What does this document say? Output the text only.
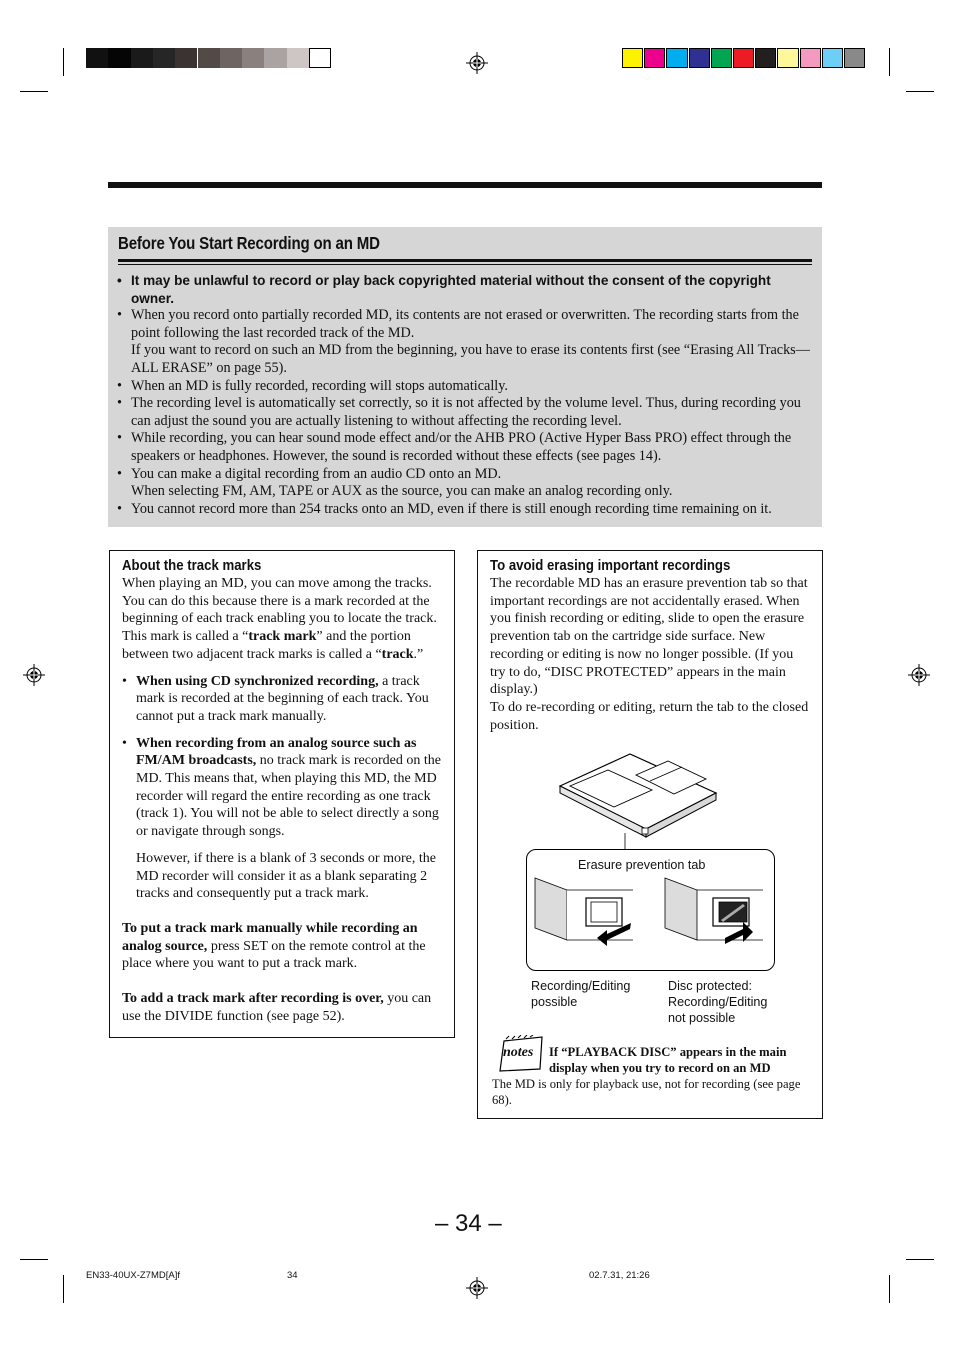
Before You Start Recording on an MD
• It may be unlawful to record or play back copyrighted material without the consent of the copyright owner.
• When you record onto partially recorded MD, its contents are not erased or overwritten. The recording starts from the point following the last recorded track of the MD.
If you want to record on such an MD from the beginning, you have to erase its contents first (see “Erasing All Tracks—ALL ERASE” on page 55).
• When an MD is fully recorded, recording will stops automatically.
• The recording level is automatically set correctly, so it is not affected by the volume level. Thus, during recording you can adjust the sound you are actually listening to without affecting the recording level.
• While recording, you can hear sound mode effect and/or the AHB PRO (Active Hyper Bass PRO) effect through the speakers or headphones. However, the sound is recorded without these effects (see pages 14).
• You can make a digital recording from an audio CD onto an MD.
When selecting FM, AM, TAPE or AUX as the source, you can make an analog recording only.
• You cannot record more than 254 tracks onto an MD, even if there is still enough recording time remaining on it.
About the track marks
When playing an MD, you can move among the tracks. You can do this because there is a mark recorded at the beginning of each track enabling you to locate the track. This mark is called a “track mark” and the portion between two adjacent track marks is called a “track.”
• When using CD synchronized recording, a track mark is recorded at the beginning of each track. You cannot put a track mark manually.
• When recording from an analog source such as FM/AM broadcasts, no track mark is recorded on the MD. This means that, when playing this MD, the MD recorder will regard the entire recording as one track (track 1). You will not be able to select directly a song or navigate through songs.
However, if there is a blank of 3 seconds or more, the MD recorder will consider it as a blank separating 2 tracks and consequently put a track mark.
To put a track mark manually while recording an analog source, press SET on the remote control at the place where you want to put a track mark.
To add a track mark after recording is over, you can use the DIVIDE function (see page 52).
To avoid erasing important recordings
The recordable MD has an erasure prevention tab so that important recordings are not accidentally erased. When you finish recording or editing, slide to open the erasure prevention tab on the cartridge side surface. New recording or editing is now no longer possible. (If you try to do, “DISC PROTECTED” appears in the main display.)
To do re-recording or editing, return the tab to the closed position.
Erasure prevention tab
Recording/Editing
possible
Disc protected:
Recording/Editing
not possible
notes If “PLAYBACK DISC” appears in the main display when you try to record on an MD
The MD is only for playback use, not for recording (see page 68).
– 34 –
EN33-40UX-Z7MD[A]f	34	02.7.31, 21:26
